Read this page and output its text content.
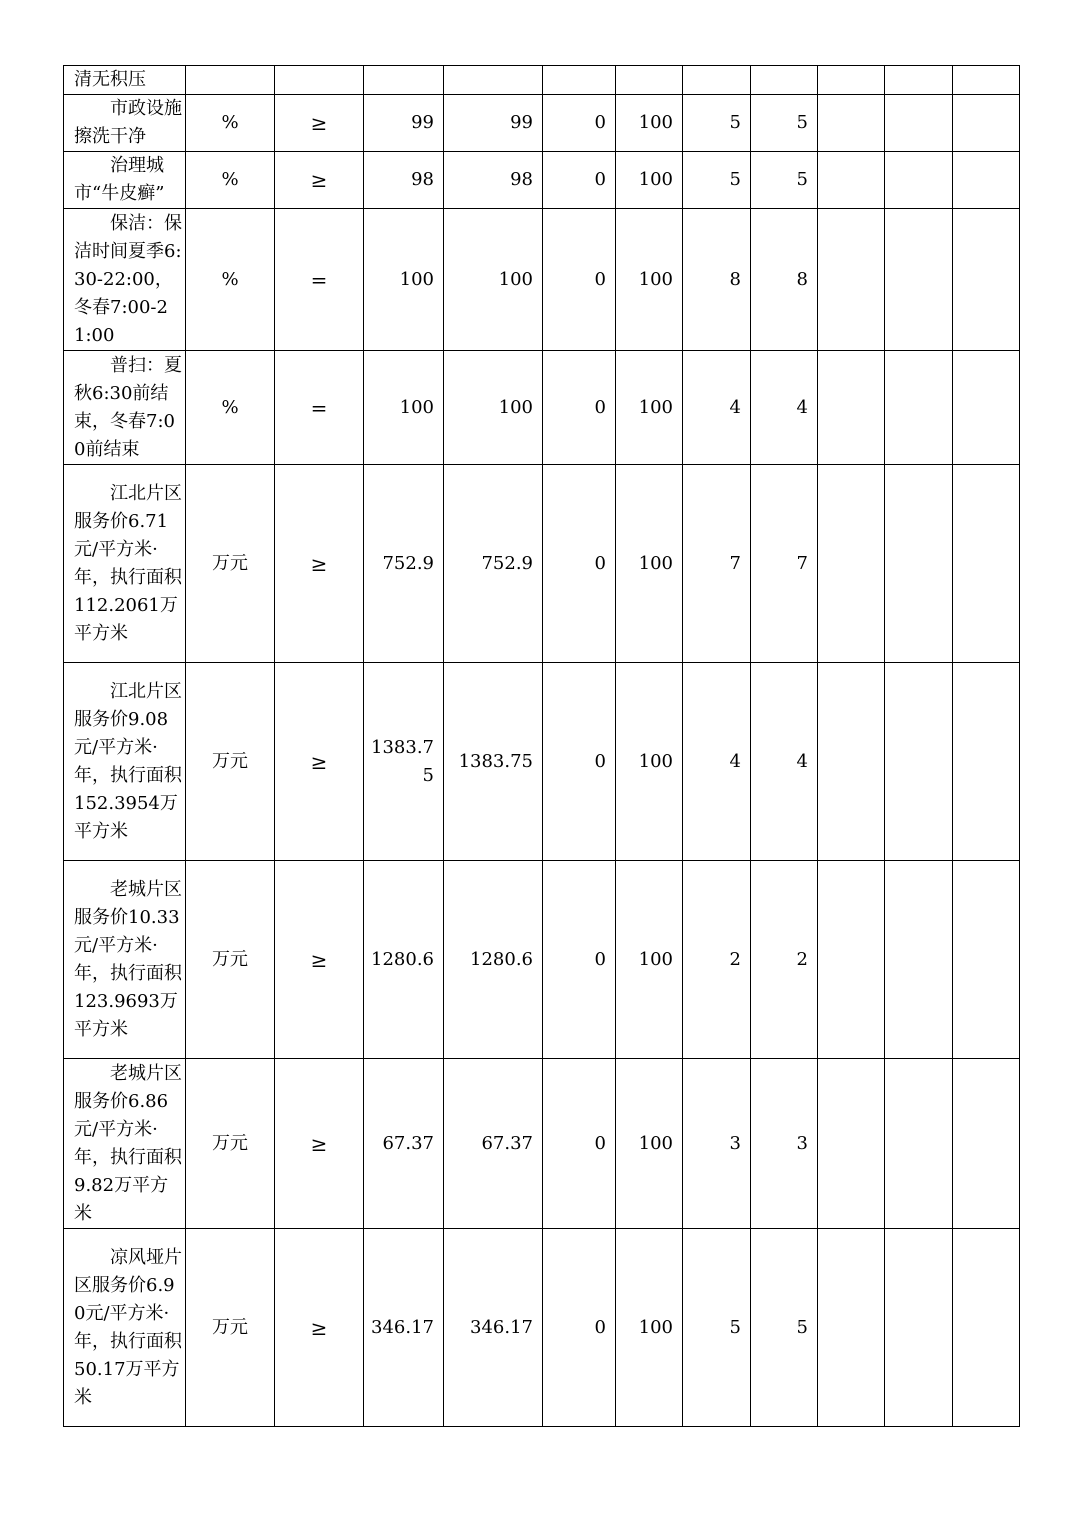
清无积压											
市政设施擦洗干净	%	≥	99	99	0	100	5	5			
治理城市“牛皮癣”	%	≥	98	98	0	100	5	5			
保洁：保洁时间夏季6:30-22:00，冬春7:00-21:00	%	=	100	100	0	100	8	8			
普扫：夏秋6:30前结束，冬春7:00前结束	%	=	100	100	0	100	4	4			
江北片区服务价6.71元/平方米·年，执行面积112.2061万平方米	万元	≥	752.9	752.9	0	100	7	7			
江北片区服务价9.08元/平方米·年，执行面积152.3954万平方米	万元	≥	1383.75	1383.75	0	100	4	4			
老城片区服务价10.33元/平方米·年，执行面积123.9693万平方米	万元	≥	1280.6	1280.6	0	100	2	2			
老城片区服务价6.86元/平方米·年，执行面积9.82万平方米	万元	≥	67.37	67.37	0	100	3	3			
凉风垭片区服务价6.90元/平方米·年，执行面积50.17万平方米	万元	≥	346.17	346.17	0	100	5	5			
